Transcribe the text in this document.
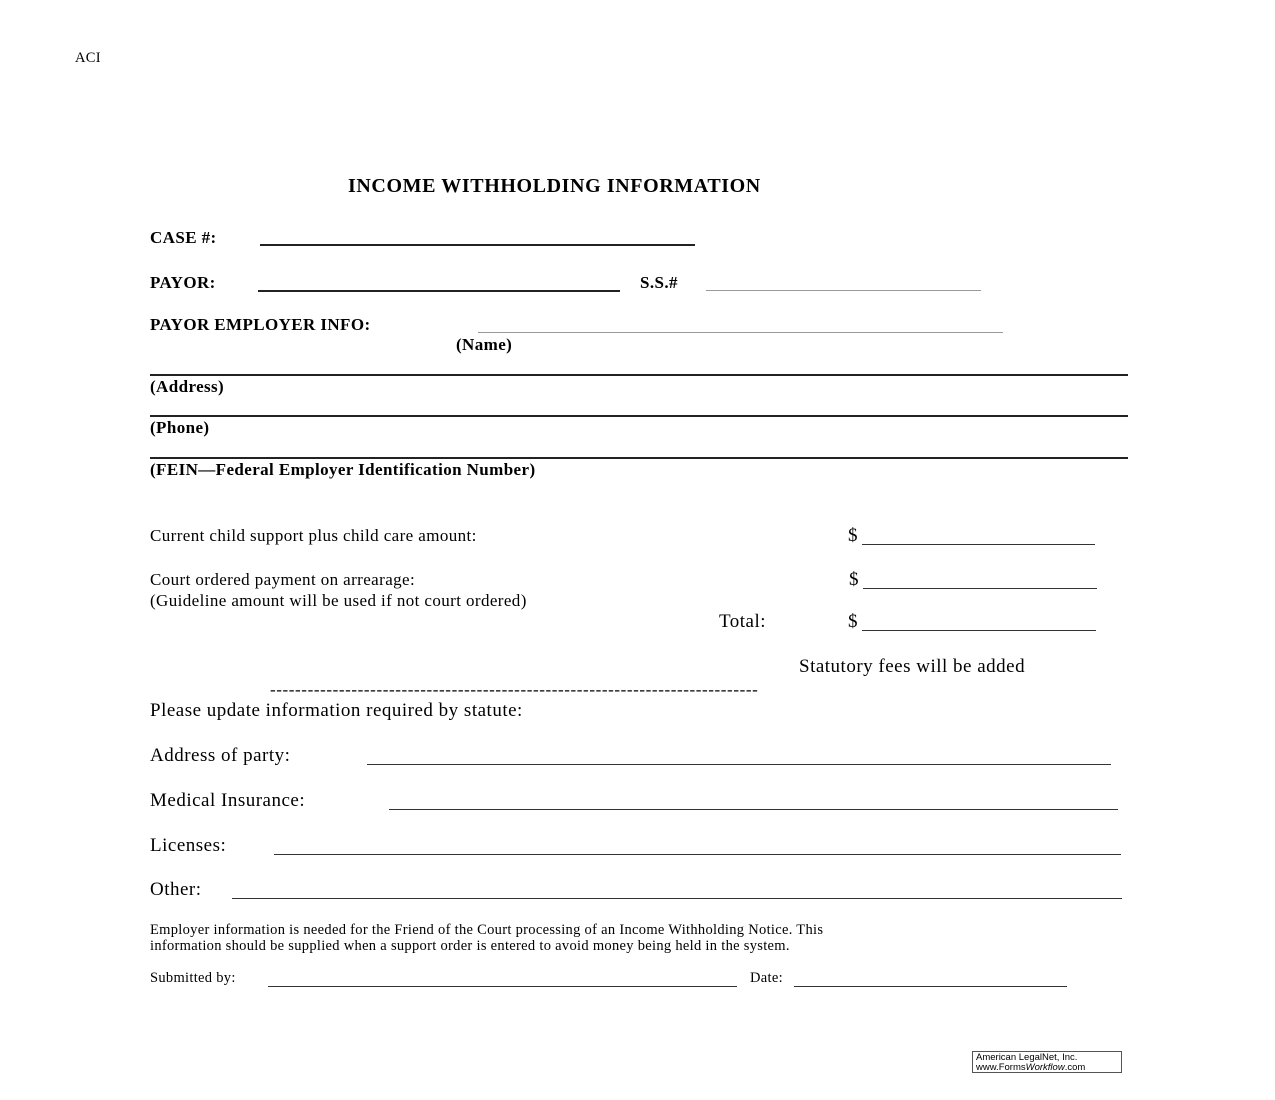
ACI
INCOME WITHHOLDING INFORMATION
CASE #:
PAYOR:	S.S.#
PAYOR EMPLOYER INFO:
(Name)
(Address)
(Phone)
(FEIN—Federal Employer Identification Number)
Current child support plus child care amount:	$
Court ordered payment on arrearage:
(Guideline amount will be used if not court ordered)
$
Total:	$
Statutory fees will be added
------------------------------------------------------------------------------
Please update information required by statute:
Address of party:
Medical Insurance:
Licenses:
Other:
Employer information is needed for the Friend of the Court processing of an Income Withholding Notice. This
information should be supplied when a support order is entered to avoid money being held in the system.
Submitted by:	Date:
American LegalNet, Inc.
www.FormsWorkflow.com
